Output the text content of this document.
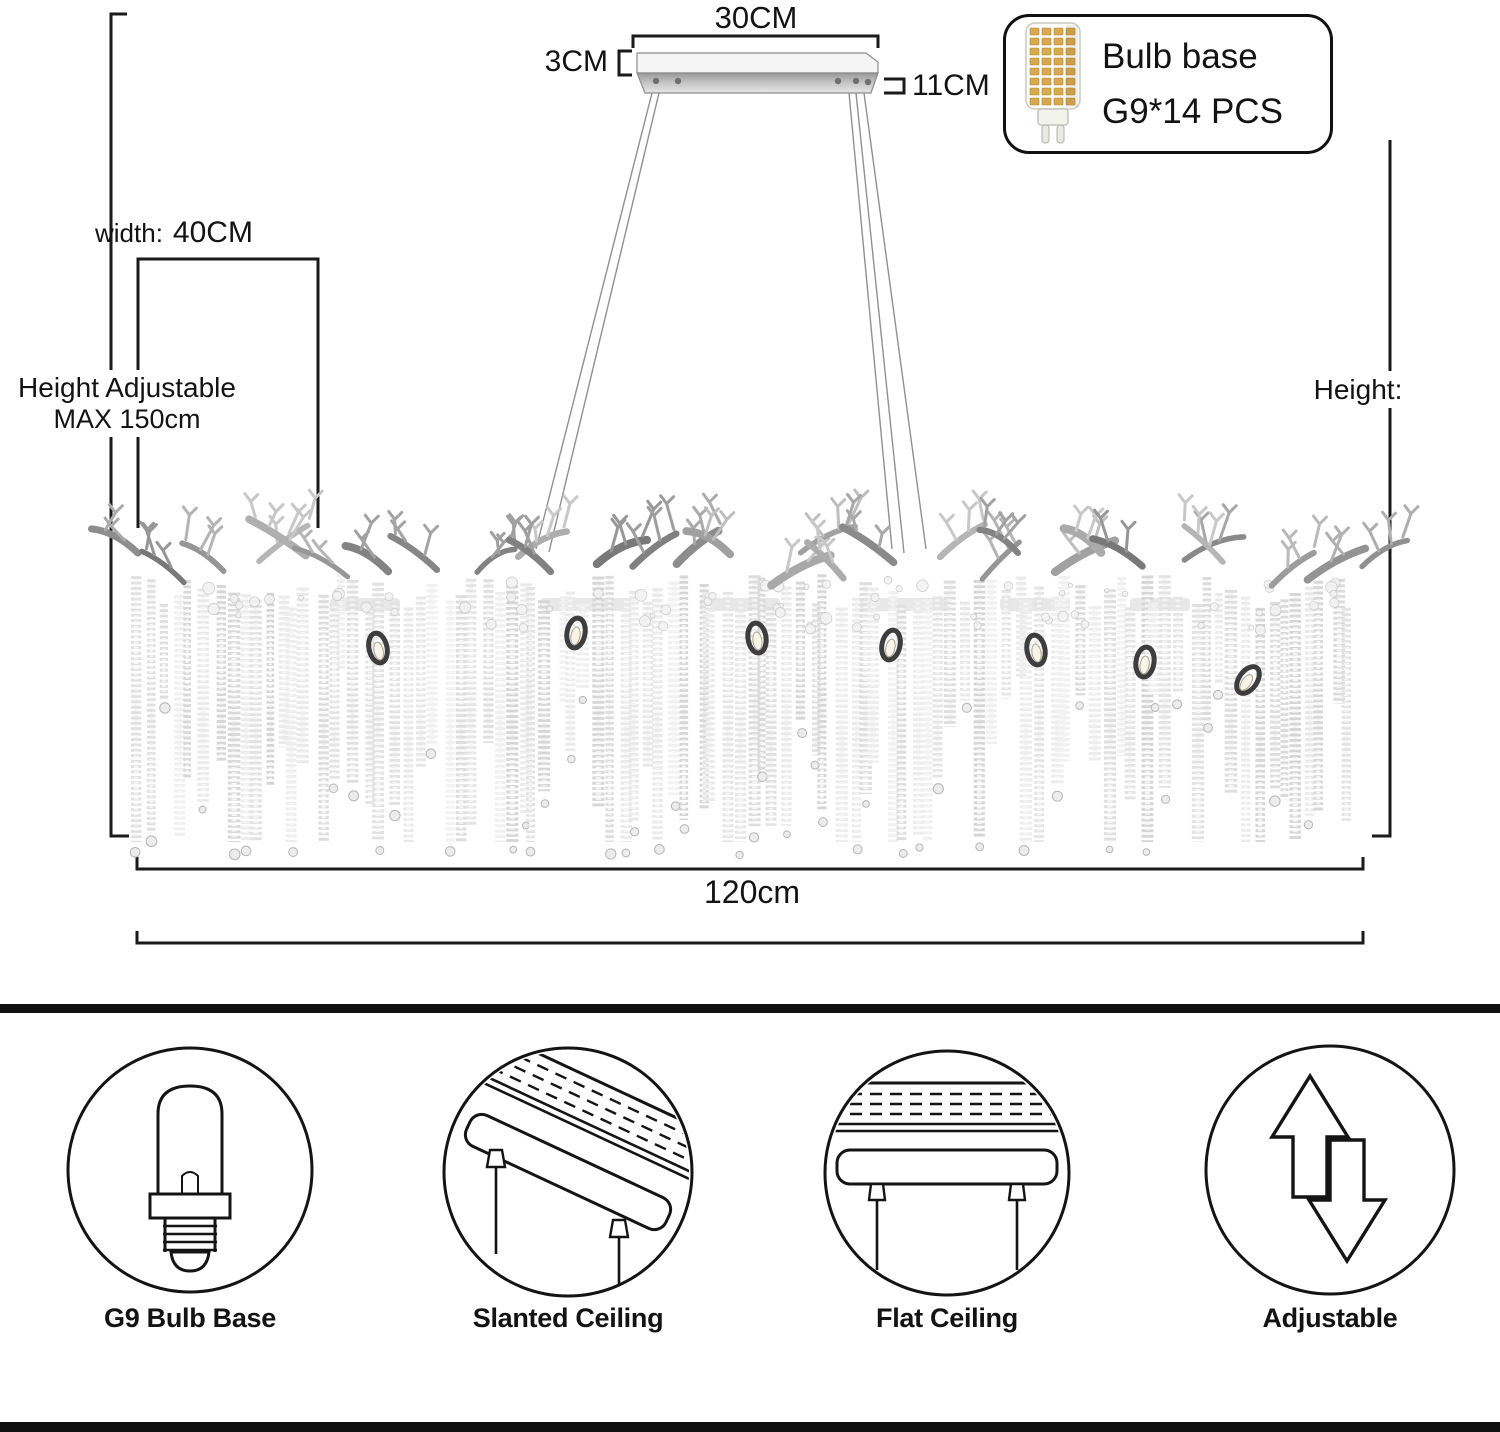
30CM
3CM
11CM
width: 40CM
Height Adjustable
MAX 150cm
Height:
120cm
Bulb base
G9*14 PCS
G9 Bulb Base	Slanted Ceiling	Flat Ceiling	Adjustable
